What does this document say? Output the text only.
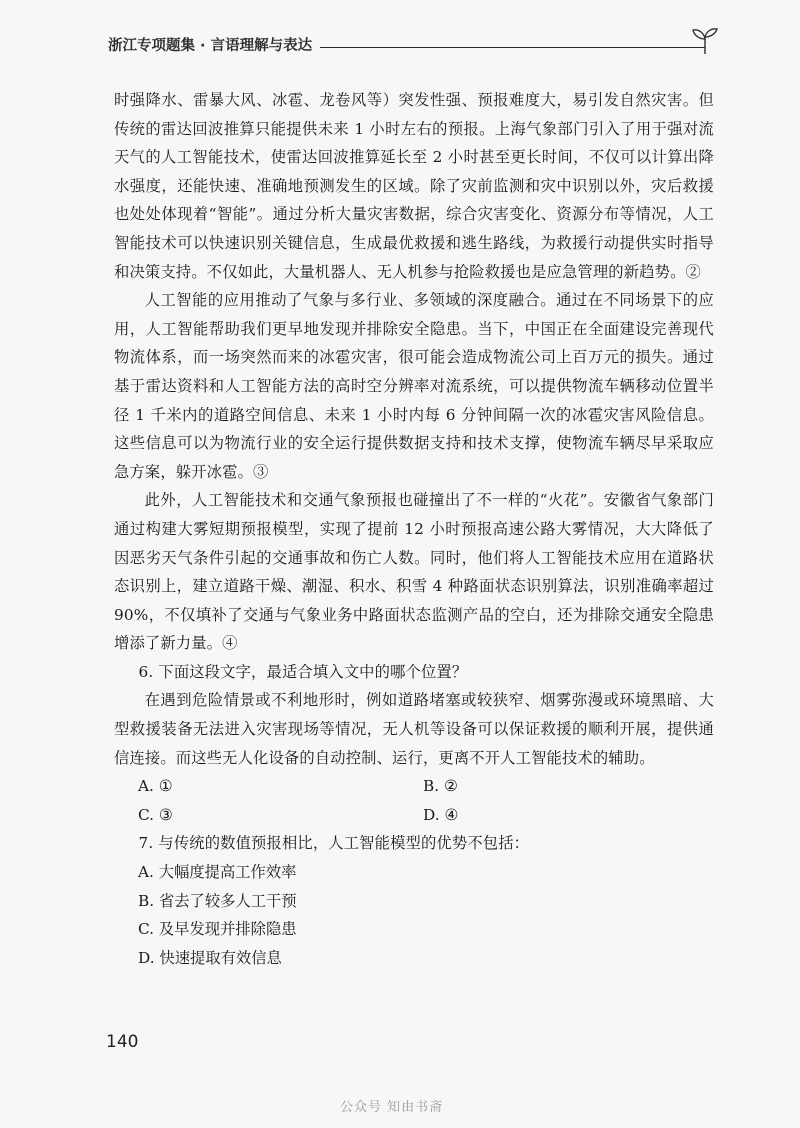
浙江专项题集 · 言语理解与表达

时强降水、雷暴大风、冰雹、龙卷风等）突发性强、预报难度大，易引发自然灾害。但传统的雷达回波推算只能提供未来 1 小时左右的预报。上海气象部门引入了用于强对流天气的人工智能技术，使雷达回波推算延长至 2 小时甚至更长时间，不仅可以计算出降水强度，还能快速、准确地预测发生的区域。除了灾前监测和灾中识别以外，灾后救援也处处体现着“智能”。通过分析大量灾害数据，综合灾害变化、资源分布等情况，人工智能技术可以快速识别关键信息，生成最优救援和逃生路线，为救援行动提供实时指导和决策支持。不仅如此，大量机器人、无人机参与抢险救援也是应急管理的新趋势。②

人工智能的应用推动了气象与多行业、多领域的深度融合。通过在不同场景下的应用，人工智能帮助我们更早地发现并排除安全隐患。当下，中国正在全面建设完善现代物流体系，而一场突然而来的冰雹灾害，很可能会造成物流公司上百万元的损失。通过基于雷达资料和人工智能方法的高时空分辨率对流系统，可以提供物流车辆移动位置半径 1 千米内的道路空间信息、未来 1 小时内每 6 分钟间隔一次的冰雹灾害风险信息。这些信息可以为物流行业的安全运行提供数据支持和技术支撑，使物流车辆尽早采取应急方案，躲开冰雹。③

此外，人工智能技术和交通气象预报也碰撞出了不一样的“火花”。安徽省气象部门通过构建大雾短期预报模型，实现了提前 12 小时预报高速公路大雾情况，大大降低了因恶劣天气条件引起的交通事故和伤亡人数。同时，他们将人工智能技术应用在道路状态识别上，建立道路干燥、潮湿、积水、积雪 4 种路面状态识别算法，识别准确率超过 90%，不仅填补了交通与气象业务中路面状态监测产品的空白，还为排除交通安全隐患增添了新力量。④

6. 下面这段文字，最适合填入文中的哪个位置？

在遇到危险情景或不利地形时，例如道路堵塞或较狭窄、烟雾弥漫或环境黑暗、大型救援装备无法进入灾害现场等情况，无人机等设备可以保证救援的顺利开展，提供通信连接。而这些无人化设备的自动控制、运行，更离不开人工智能技术的辅助。

A. ①	B. ②
C. ③	D. ④

7. 与传统的数值预报相比，人工智能模型的优势不包括：

A. 大幅度提高工作效率
B. 省去了较多人工干预
C. 及早发现并排除隐患
D. 快速提取有效信息
140
公众号 知由书斋
